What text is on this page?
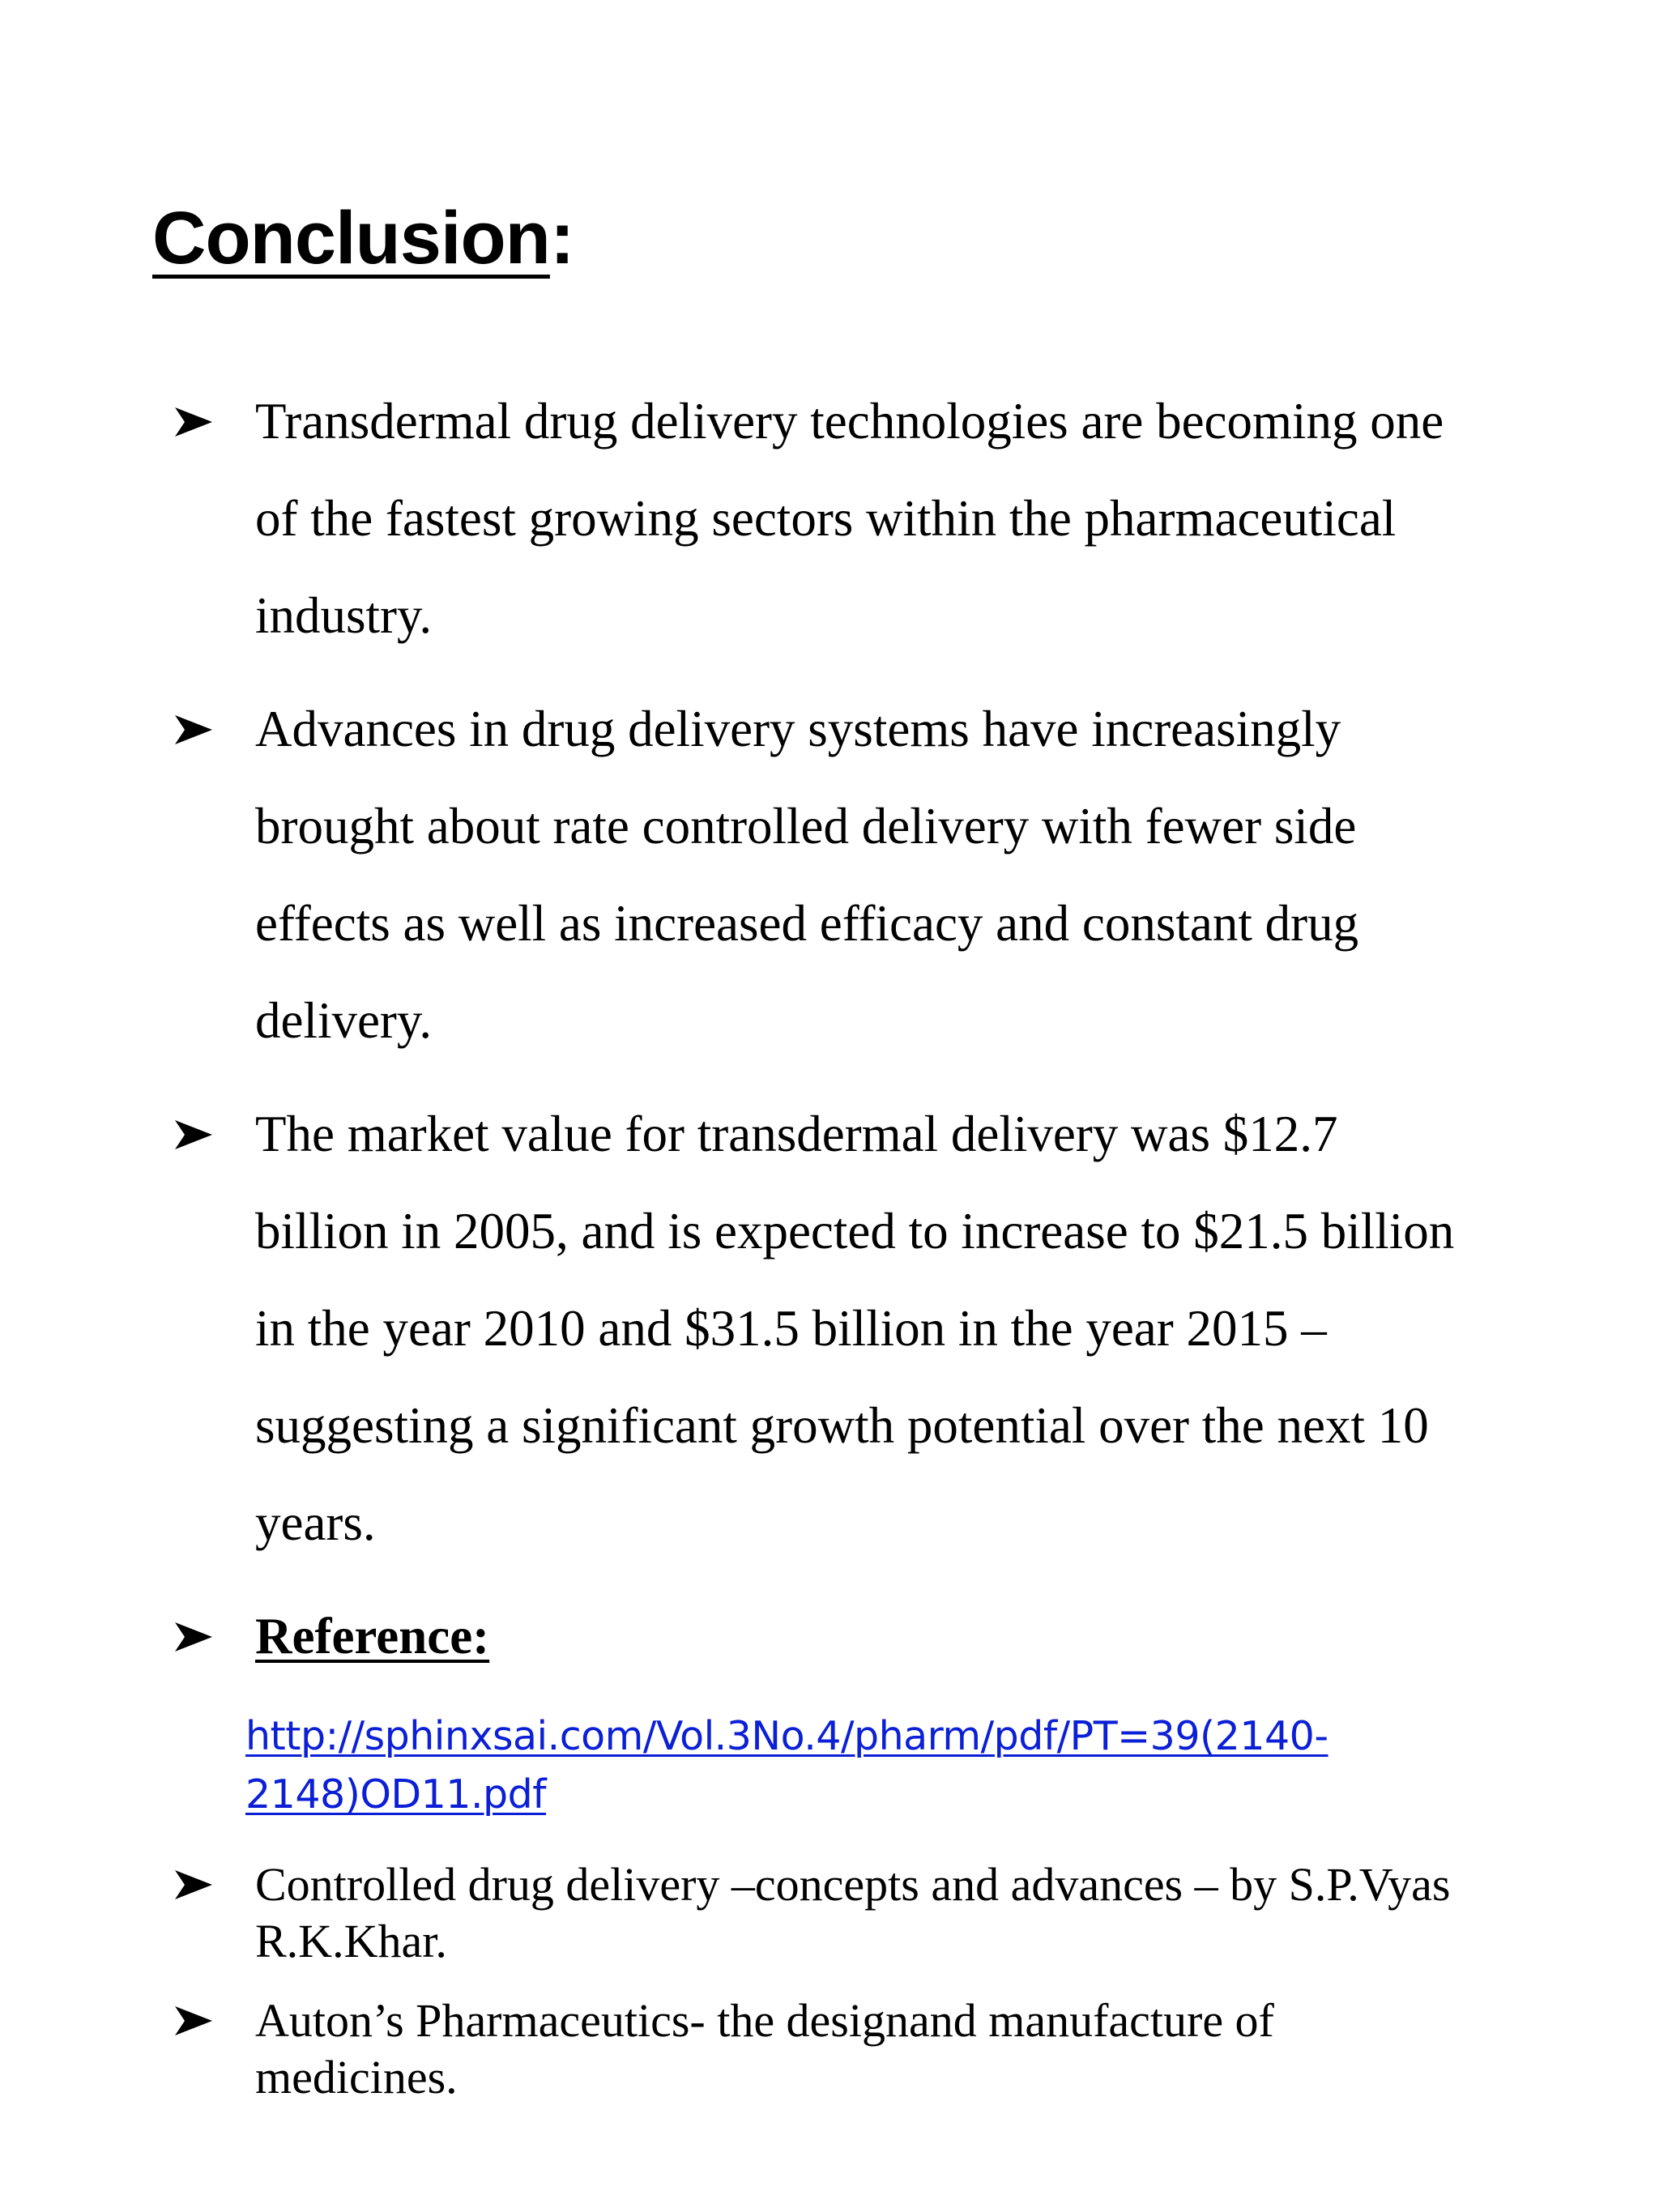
Conclusion:

Transdermal drug delivery technologies are becoming one
of the fastest growing sectors within the pharmaceutical
industry.

Advances in drug delivery systems have increasingly
brought about rate controlled delivery with fewer side
effects as well as increased efficacy and constant drug
delivery.

The market value for transdermal delivery was $12.7
billion in 2005, and is expected to increase to $21.5 billion
in the year 2010 and $31.5 billion in the year 2015 –
suggesting a significant growth potential over the next 10
years.

Reference:

Controlled drug delivery –concepts and advances – by S.P.Vyas
R.K.Khar.

Auton’s Pharmaceutics- the designand manufacture of
medicines.

http://sphinxsai.com/Vol.3No.4/pharm/pdf/PT=39(2140-
2148)OD11.pdf
